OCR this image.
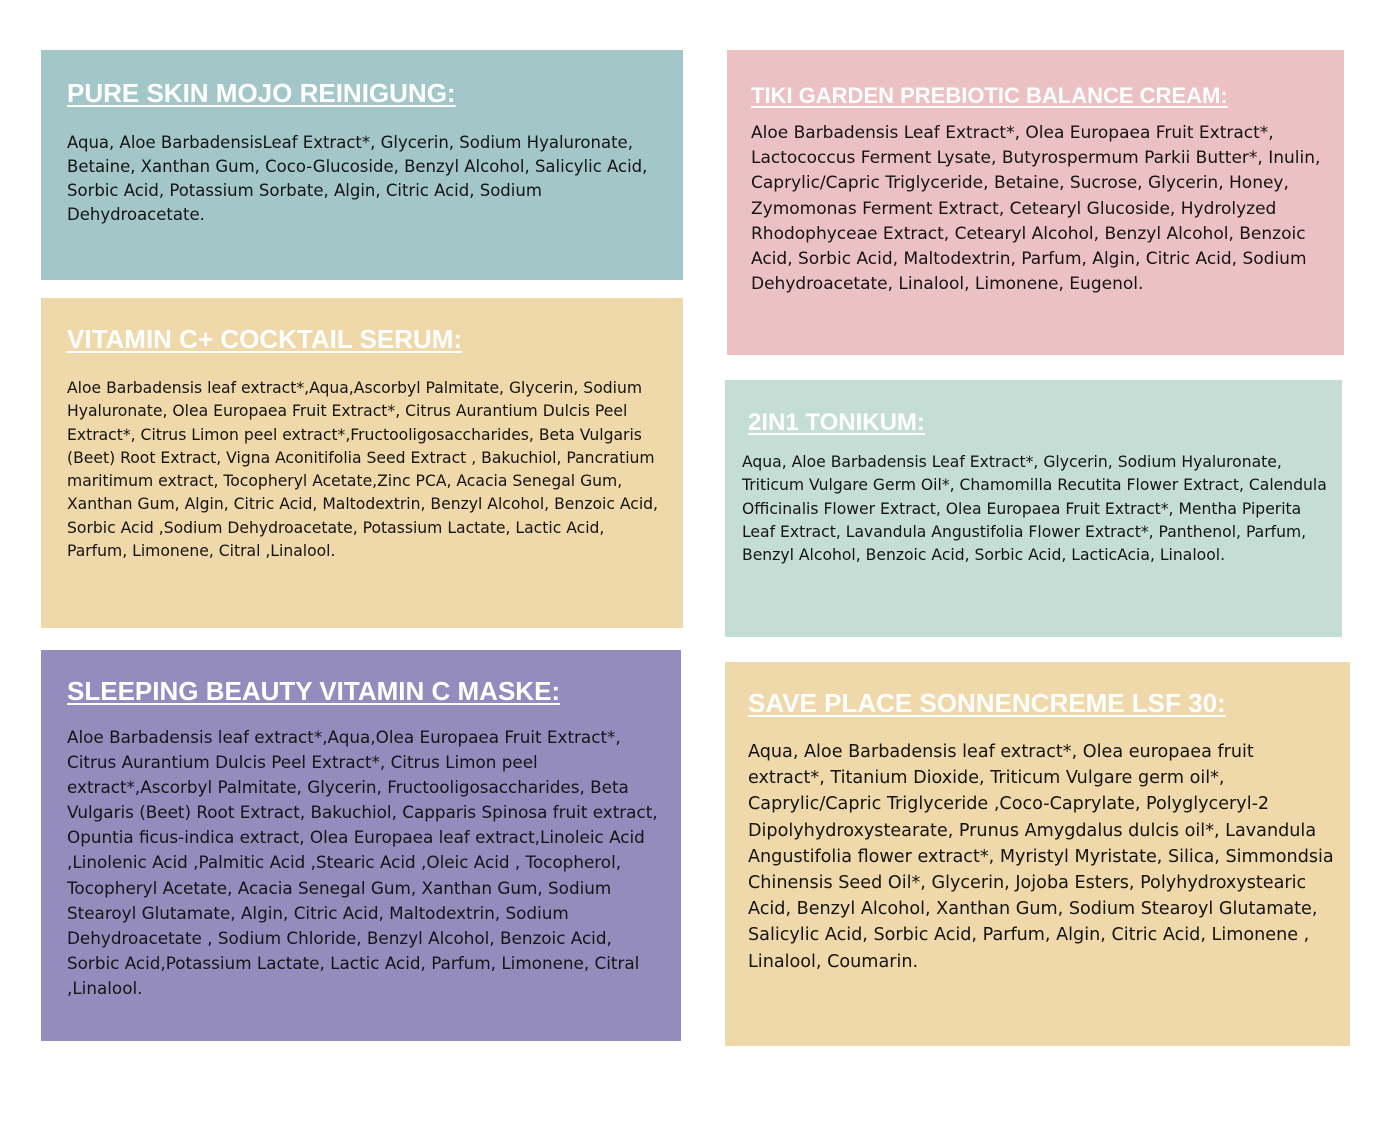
PURE SKIN MOJO REINIGUNG:

Aqua, Aloe BarbadensisLeaf Extract*, Glycerin, Sodium Hyaluronate, Betaine, Xanthan Gum, Coco-Glucoside, Benzyl Alcohol, Salicylic Acid, Sorbic Acid, Potassium Sorbate, Algin, Citric Acid, Sodium Dehydroacetate.

TIKI GARDEN PREBIOTIC BALANCE CREAM:

Aloe Barbadensis Leaf Extract*, Olea Europaea Fruit Extract*, Lactococcus Ferment Lysate, Butyrospermum Parkii Butter*, Inulin, Caprylic/Capric Triglyceride, Betaine, Sucrose, Glycerin, Honey, Zymomonas Ferment Extract, Cetearyl Glucoside, Hydrolyzed Rhodophyceae Extract, Cetearyl Alcohol, Benzyl Alcohol, Benzoic Acid, Sorbic Acid, Maltodextrin, Parfum, Algin, Citric Acid, Sodium Dehydroacetate, Linalool, Limonene, Eugenol.

VITAMIN C+ COCKTAIL SERUM:

Aloe Barbadensis leaf extract*,Aqua,Ascorbyl Palmitate, Glycerin, Sodium Hyaluronate, Olea Europaea Fruit Extract*, Citrus Aurantium Dulcis Peel Extract*, Citrus Limon peel extract*,Fructooligosaccharides, Beta Vulgaris (Beet) Root Extract, Vigna Aconitifolia Seed Extract , Bakuchiol, Pancratium maritimum extract, Tocopheryl Acetate,Zinc PCA, Acacia Senegal Gum, Xanthan Gum, Algin, Citric Acid, Maltodextrin, Benzyl Alcohol, Benzoic Acid, Sorbic Acid ,Sodium Dehydroacetate, Potassium Lactate, Lactic Acid, Parfum, Limonene, Citral ,Linalool.

2IN1 TONIKUM:

Aqua, Aloe Barbadensis Leaf Extract*, Glycerin, Sodium Hyaluronate, Triticum Vulgare Germ Oil*, Chamomilla Recutita Flower Extract, Calendula Officinalis Flower Extract, Olea Europaea Fruit Extract*, Mentha Piperita Leaf Extract, Lavandula Angustifolia Flower Extract*, Panthenol, Parfum, Benzyl Alcohol, Benzoic Acid, Sorbic Acid, LacticAcia, Linalool.

SLEEPING BEAUTY VITAMIN C MASKE:

Aloe Barbadensis leaf extract*,Aqua,Olea Europaea Fruit Extract*, Citrus Aurantium Dulcis Peel Extract*, Citrus Limon peel extract*,Ascorbyl Palmitate, Glycerin, Fructooligosaccharides, Beta Vulgaris (Beet) Root Extract, Bakuchiol, Capparis Spinosa fruit extract, Opuntia ficus-indica extract, Olea Europaea leaf extract,Linoleic Acid ,Linolenic Acid ,Palmitic Acid ,Stearic Acid ,Oleic Acid , Tocopherol, Tocopheryl Acetate, Acacia Senegal Gum, Xanthan Gum, Sodium Stearoyl Glutamate, Algin, Citric Acid, Maltodextrin, Sodium Dehydroacetate , Sodium Chloride, Benzyl Alcohol, Benzoic Acid, Sorbic Acid,Potassium Lactate, Lactic Acid, Parfum, Limonene, Citral ,Linalool.

SAVE PLACE SONNENCREME LSF 30:

Aqua, Aloe Barbadensis leaf extract*, Olea europaea fruit extract*, Titanium Dioxide, Triticum Vulgare germ oil*, Caprylic/Capric Triglyceride ,Coco-Caprylate, Polyglyceryl-2 Dipolyhydroxystearate, Prunus Amygdalus dulcis oil*, Lavandula Angustifolia flower extract*, Myristyl Myristate, Silica, Simmondsia Chinensis Seed Oil*, Glycerin, Jojoba Esters, Polyhydroxystearic Acid, Benzyl Alcohol, Xanthan Gum, Sodium Stearoyl Glutamate, Salicylic Acid, Sorbic Acid, Parfum, Algin, Citric Acid, Limonene , Linalool, Coumarin.
